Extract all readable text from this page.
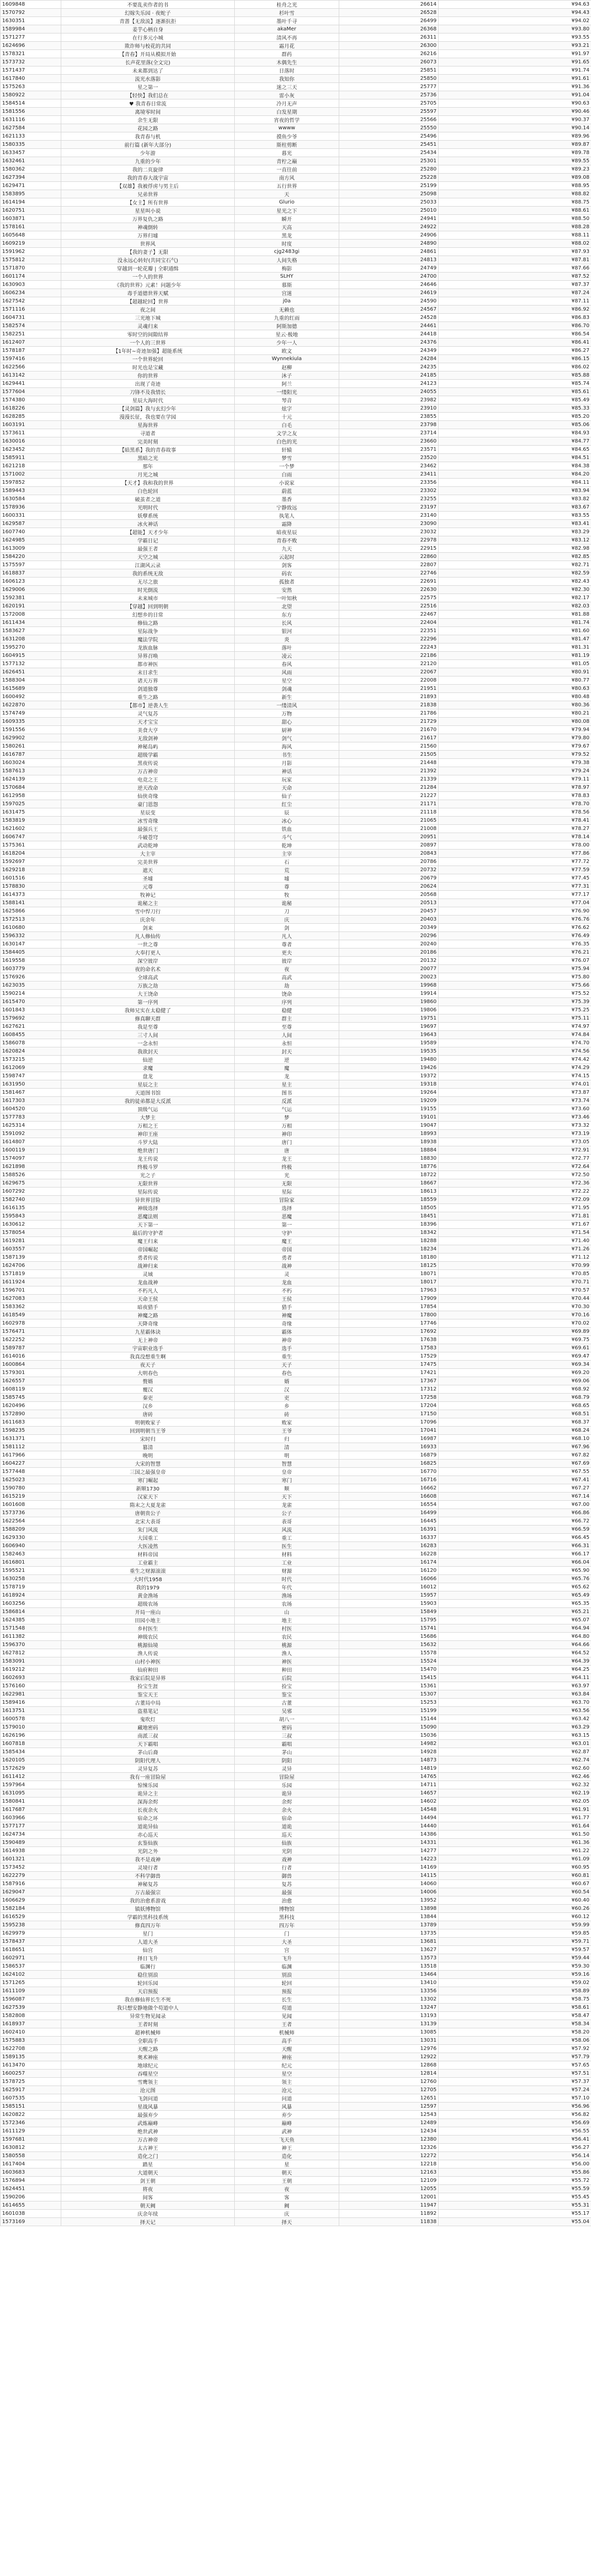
1609848	不要乱卖作者的书	桂舟之光	26614	¥94.63
1570792	幻嫁失乐园 · 夜蛇子	杉叶雪	26528	¥94.43
1630351	青蔷【无敌流】逐渐抗拒	墨叶千寻	26499	¥94.02
1589984	姜芋心柄自身	akaMer	26368	¥93.80
1571277	在行多元小城	清风不再	26311	¥93.55
1624696	欺诈师与校花的共同	霜月花	26300	¥93.21
1578321	【青春】开局从模拟开始	群药	26216	¥91.97
1573732	长声花里落(全文完)	木偶先生	26073	¥91.65
1571437	未来都到达了	日落时	25851	¥91.74
1617840	流光水落影	我知你	25850	¥91.61
1575263	星之第一	迷之三天	25777	¥91.36
1580922	【轻快】我们总在	雷小灰	25736	¥91.04
1584514	♥ 我青春日常流	冷月无声	25705	¥90.63
1581556	离境零时间	白发星期	25597	¥90.46
1631116	余生无限	宵夜的哲学	25566	¥90.37
1627584	花园之路	wwww	25550	¥90.14
1621133	我青春与机	摸鱼少爷	25496	¥89.96
1580335	前行篇 (新年大部分)	斯柱剪断	25451	¥89.87
1633457	少年游	暮光	25434	¥89.78
1632461	九重的少年	青柠之巅	25301	¥89.55
1580362	我的二页旋律	一直往前	25280	¥89.23
1627394	我的青春大战宇宙	南方风	25228	¥89.08
1629471	【双雄】我被俘虏与男主后	五行世界	25199	¥88.95
1583895	兄弟世界	天	25098	¥88.82
1614194	【女主】所有世界	Glurio	25033	¥88.75
1620751	星星叫小说	星光之下	25010	¥88.61
1603871	万界复仇之路	瞬开	24941	¥88.50
1578161	神魂倒转	天高	24922	¥88.28
1605648	万界归墟	黑龙	24906	¥88.11
1609219	世界风	时度	24890	¥88.02
1591962	【我的妻子】无限	cjg2483gi	24861	¥87.93
1575812	没永远心转好(共同宝石气)	人间失格	24813	¥87.81
1571870	穿越到一轮花瓣 | 全职通缉	梅影	24749	¥87.66
1601174	一个人的世界	SLHY	24700	¥87.52
1630903	《我的世界》元素！问题少年	慕斯	24646	¥87.37
1606234	毒手道德世界天赋	宫迷	24619	¥87.24
1627542	【超越轮回】世界	j0a	24590	¥87.11
1571116	夜之间	无赖也	24567	¥86.92
1604731	三光地下城	九重的红雨	24528	¥86.83
1582574	灵魂归来	阿斯加德	24461	¥86.70
1582251	零时空的间隙结界	星云·极地	24418	¥86.54
1612407	一个人的三世界	少年一人	24376	¥86.41
1578187	【1年时~奇迹加强】超能系统	欧文	24349	¥86.27
1597416	一个世界轮回	Wynnekiula	24284	¥86.15
1622566	时光也是宝藏	赵柳	24235	¥86.02
1613142	你的世界	沐子	24185	¥85.88
1629441	出现了奇迹	阿兰	24123	¥85.74
1577604	刀锋不及我情长	一缕阳光	24055	¥85.61
1574380	星辰大海时代	琴音	23982	¥85.49
1618226	【灵剑篇】我与玄幻少年	炫字	23910	¥85.33
1628285	漫漫长征，我也要在学园	十元	23855	¥85.20
1603191	星海世界	白毛	23798	¥85.06
1573611	寻道者	文学之友	23714	¥84.93
1630016	完美时刻	白色的光	23660	¥84.77
1623452	【暗黑系】我的青春故事	轩辕	23571	¥84.65
1585911	黑暗之光	梦雪	23520	¥84.51
1621218	那年	一个梦	23462	¥84.38
1571002	月光之城	白雨	23411	¥84.20
1597852	【天才】我和我的世界	小说家	23356	¥84.11
1589443	白色轮回	蔚蓝	23302	¥83.94
1630584	破茧者之道	墨香	23255	¥83.82
1578936	光明时代	宁静致远	23197	¥83.67
1600331	妖孽系统	执笔人	23140	¥83.55
1629587	冰火神话	霜降	23090	¥83.41
1607740	【超能】天才少年	暗夜星辰	23032	¥83.29
1624985	学霸日记	青春不败	22978	¥83.12
1613009	最强王者	九天	22915	¥82.98
1584220	天空之城	云起时	22860	¥82.85
1575597	江湖风云录	剑客	22807	¥82.71
1618837	我的系统无敌	码农	22746	¥82.59
1606123	无尽之旅	孤独者	22691	¥82.43
1629006	时光倒流	安然	22630	¥82.30
1592381	未来城市	一叶知秋	22575	¥82.17
1620191	【穿越】回到明朝	北望	22516	¥82.03
1572008	幻想乡的日常	东方	22467	¥81.88
1611434	修仙之路	长风	22404	¥81.74
1583627	星际战争	银河	22351	¥81.60
1631208	魔法学院	炎	22296	¥81.47
1595270	龙族血脉	落叶	22243	¥81.31
1604915	异界召唤	凌云	22186	¥81.19
1577132	都市神医	春风	22120	¥81.05
1626451	末日求生	风雨	22067	¥80.91
1588304	诸天万界	星空	22008	¥80.77
1615689	剑道独尊	剑魂	21951	¥80.63
1600492	重生之路	新生	21893	¥80.48
1622870	【都市】逆袭人生	一缕清风	21838	¥80.36
1574749	灵气复苏	万物	21786	¥80.21
1609335	天才宝宝	甜心	21729	¥80.08
1591556	美食大亨	厨神	21670	¥79.94
1629902	无敌剑神	剑气	21617	¥79.80
1580261	神秘岛屿	海风	21560	¥79.67
1616787	超级学霸	书生	21505	¥79.52
1603024	黑夜传说	月影	21448	¥79.38
1587613	万古神帝	神话	21392	¥79.24
1624139	电竞之王	玩家	21339	¥79.11
1570684	逆天改命	天命	21284	¥78.97
1612958	仙侠奇缘	仙子	21227	¥78.83
1597025	豪门恩怨	红尘	21171	¥78.70
1631475	星辰变	辰	21118	¥78.56
1583819	冰雪奇缘	冰心	21065	¥78.41
1621602	最强兵王	铁血	21008	¥78.27
1606747	斗破苍穹	斗气	20951	¥78.14
1575361	武动乾坤	乾坤	20897	¥78.00
1618204	大主宰	主宰	20843	¥77.86
1592697	完美世界	石	20786	¥77.72
1629218	遮天	荒	20732	¥77.59
1601516	圣墟	墟	20679	¥77.45
1578830	元尊	尊	20624	¥77.31
1614373	牧神记	牧	20568	¥77.17
1588141	诡秘之主	诡秘	20513	¥77.04
1625866	雪中悍刀行	刀	20457	¥76.90
1572513	庆余年	庆	20403	¥76.76
1610680	剑来	剑	20349	¥76.62
1596332	凡人修仙传	凡人	20296	¥76.49
1630147	一世之尊	尊者	20240	¥76.35
1584405	大奉打更人	更夫	20186	¥76.21
1619558	深空彼岸	彼岸	20132	¥76.07
1603779	夜的命名术	夜	20077	¥75.94
1576926	全球高武	高武	20023	¥75.80
1623035	万族之劫	劫	19968	¥75.66
1590214	大王饶命	饶命	19914	¥75.52
1615470	第一序列	序列	19860	¥75.39
1601843	我师兄实在太稳健了	稳健	19806	¥75.25
1579692	修真聊天群	群主	19751	¥75.11
1627621	我是至尊	至尊	19697	¥74.97
1608455	三寸人间	人间	19643	¥74.84
1586078	一念永恒	永恒	19589	¥74.70
1620824	我欲封天	封天	19535	¥74.56
1573215	仙逆	逆	19480	¥74.42
1612069	求魔	魔	19426	¥74.29
1598747	盘龙	龙	19372	¥74.15
1631950	星辰之主	星主	19318	¥74.01
1581467	天道图书馆	图书	19264	¥73.87
1617303	我的徒弟都是大反派	反派	19209	¥73.74
1604520	顶级气运	气运	19155	¥73.60
1577783	大梦主	梦	19101	¥73.46
1625314	万相之王	万相	19047	¥73.32
1591092	神印王座	神印	18993	¥73.19
1614807	斗罗大陆	唐门	18938	¥73.05
1600119	绝世唐门	唐	18884	¥72.91
1574097	龙王传说	龙王	18830	¥72.77
1621898	终极斗罗	终极	18776	¥72.64
1588526	光之子	光	18722	¥72.50
1629675	无限世界	无限	18667	¥72.36
1607292	星际传说	星际	18613	¥72.22
1582740	异世界冒险	冒险家	18559	¥72.09
1616135	神级选择	选择	18505	¥71.95
1595843	恶魔法则	恶魔	18451	¥71.81
1630612	天下第一	第一	18396	¥71.67
1578054	最后的守护者	守护	18342	¥71.54
1619281	魔王归来	魔王	18288	¥71.40
1603557	帝国崛起	帝国	18234	¥71.26
1587139	勇者传说	勇者	18180	¥71.12
1624706	战神归来	战神	18125	¥70.99
1571819	灵域	灵	18071	¥70.85
1611924	龙血战神	龙血	18017	¥70.71
1596701	不朽凡人	不朽	17963	¥70.57
1627083	天命王侯	王侯	17909	¥70.44
1583362	暗夜猎手	猎手	17854	¥70.30
1618549	神魔之路	神魔	17800	¥70.16
1602978	天降奇缘	奇缘	17746	¥70.02
1576471	九星霸体诀	霸体	17692	¥69.89
1622252	无上神帝	神帝	17638	¥69.75
1589787	宇宙职业选手	选手	17583	¥69.61
1614016	我真没想重生啊	重生	17529	¥69.47
1600864	夜天子	天子	17475	¥69.34
1579301	大明春色	春色	17421	¥69.20
1626557	赘婿	婿	17367	¥69.06
1608119	覆汉	汉	17312	¥68.92
1585745	秦吏	吏	17258	¥68.79
1620496	汉乡	乡	17204	¥68.65
1572890	唐砖	砖	17150	¥68.51
1611683	明朝败家子	败家	17096	¥68.37
1598235	回到明朝当王爷	王爷	17041	¥68.24
1631371	宋时归	归	16987	¥68.10
1581112	篡清	清	16933	¥67.96
1617966	晚明	明	16879	¥67.82
1604227	大宋的智慧	智慧	16825	¥67.69
1577448	三国之最强皇帝	皇帝	16770	¥67.55
1625023	寒门崛起	寒门	16716	¥67.41
1590780	新顺1730	顺	16662	¥67.27
1615219	汉家天下	天下	16608	¥67.14
1601608	隋末之大夏龙雀	龙雀	16554	¥67.00
1573736	唐朝贵公子	公子	16499	¥66.86
1622564	北宋大表哥	表哥	16445	¥66.72
1588209	朱门风流	风流	16391	¥66.59
1629330	大国重工	重工	16337	¥66.45
1606940	大医凌然	医生	16283	¥66.31
1582463	材料帝国	材料	16228	¥66.17
1616801	工业霸主	工业	16174	¥66.04
1595521	重生之财源滚滚	财源	16120	¥65.90
1630258	大时代1958	时代	16066	¥65.76
1578719	我的1979	年代	16012	¥65.62
1618924	黄金渔场	渔场	15957	¥65.49
1603256	超级农场	农场	15903	¥65.35
1586814	开局一座山	山	15849	¥65.21
1624385	田园小地主	地主	15795	¥65.07
1571548	乡村医生	村医	15741	¥64.94
1611382	神级农民	农民	15686	¥64.80
1596370	桃源仙境	桃源	15632	¥64.66
1627812	渔人传说	渔人	15578	¥64.52
1583091	山村小神医	神医	15524	¥64.39
1619212	仙府种田	种田	15470	¥64.25
1602693	我家后院是异界	后院	15415	¥64.11
1576160	捡宝生涯	捡宝	15361	¥63.97
1622981	鉴宝天王	鉴宝	15307	¥63.84
1589416	古董局中局	古董	15253	¥63.70
1613751	盗墓笔记	吴邪	15199	¥63.56
1600578	鬼吹灯	胡八一	15144	¥63.42
1579010	藏地密码	密码	15090	¥63.29
1626196	南派三叔	三叔	15036	¥63.15
1607818	天下霸唱	霸唱	14982	¥63.01
1585434	茅山后裔	茅山	14928	¥62.87
1620105	阴阳代理人	阴阳	14873	¥62.74
1572629	灵异复苏	灵异	14819	¥62.60
1611412	我有一座冒险屋	冒险屋	14765	¥62.46
1597964	惊悚乐园	乐园	14711	¥62.32
1631095	诡异之主	诡异	14657	¥62.19
1580841	深海余烬	余烬	14602	¥62.05
1617687	长夜余火	余火	14548	¥61.91
1603966	宿命之环	宿命	14494	¥61.77
1577177	道诡异仙	道诡	14440	¥61.64
1624734	赤心巡天	巡天	14386	¥61.50
1590489	玄鉴仙族	仙族	14331	¥61.36
1614938	光阴之外	光阴	14277	¥61.22
1601321	我不是戏神	戏神	14223	¥61.09
1573452	灵境行者	行者	14169	¥60.95
1622279	不科学御兽	御兽	14115	¥60.81
1587916	神秘复苏	复苏	14060	¥60.67
1629047	万古最强宗	最强	14006	¥60.54
1606629	我的治愈系游戏	治愈	13952	¥60.40
1582184	镇妖博物馆	博物馆	13898	¥60.26
1616529	学霸的黑科技系统	黑科技	13844	¥60.12
1595238	修真四万年	四万年	13789	¥59.99
1629979	星门	门	13735	¥59.85
1578437	人道大圣	大圣	13681	¥59.71
1618651	仙宫	宫	13627	¥59.57
1602971	择日飞升	飞升	13573	¥59.44
1586537	临渊行	临渊	13518	¥59.30
1624102	稳住别浪	别浪	13464	¥59.16
1571265	轮回乐园	轮回	13410	¥59.02
1611109	天启预报	预报	13356	¥58.89
1596087	我在修仙界长生不死	长生	13302	¥58.75
1627539	我只想安静地做个苟道中人	苟道	13247	¥58.61
1582808	异常生物见闻录	见闻	13193	¥58.47
1618937	王者时刻	王者	13139	¥58.34
1602410	超神机械师	机械师	13085	¥58.20
1575883	全职高手	高手	13031	¥58.06
1622708	天醒之路	天醒	12976	¥57.92
1589135	奥术神座	神座	12922	¥57.79
1613470	地球纪元	纪元	12868	¥57.65
1600257	吞噬星空	星空	12814	¥57.51
1578725	雪鹰领主	领主	12760	¥57.37
1625917	沧元图	沧元	12705	¥57.24
1607535	飞剑问道	问道	12651	¥57.10
1585151	星战风暴	风暴	12597	¥56.96
1620822	最强弃少	弃少	12543	¥56.82
1572346	武炼巅峰	巅峰	12489	¥56.69
1611129	绝世武神	武神	12434	¥56.55
1597681	万古神帝	飞天鱼	12380	¥56.41
1630812	太古神王	神王	12326	¥56.27
1580558	造化之门	造化	12272	¥56.14
1617404	踏星	星	12218	¥56.00
1603683	大道朝天	朝天	12163	¥55.86
1576894	剑王朝	王朝	12109	¥55.72
1624451	将夜	夜	12055	¥55.59
1590206	间客	客	12001	¥55.45
1614655	朝天阙	阙	11947	¥55.31
1601038	庆余年续	庆	11892	¥55.17
1573169	择天记	择天	11838	¥55.04
